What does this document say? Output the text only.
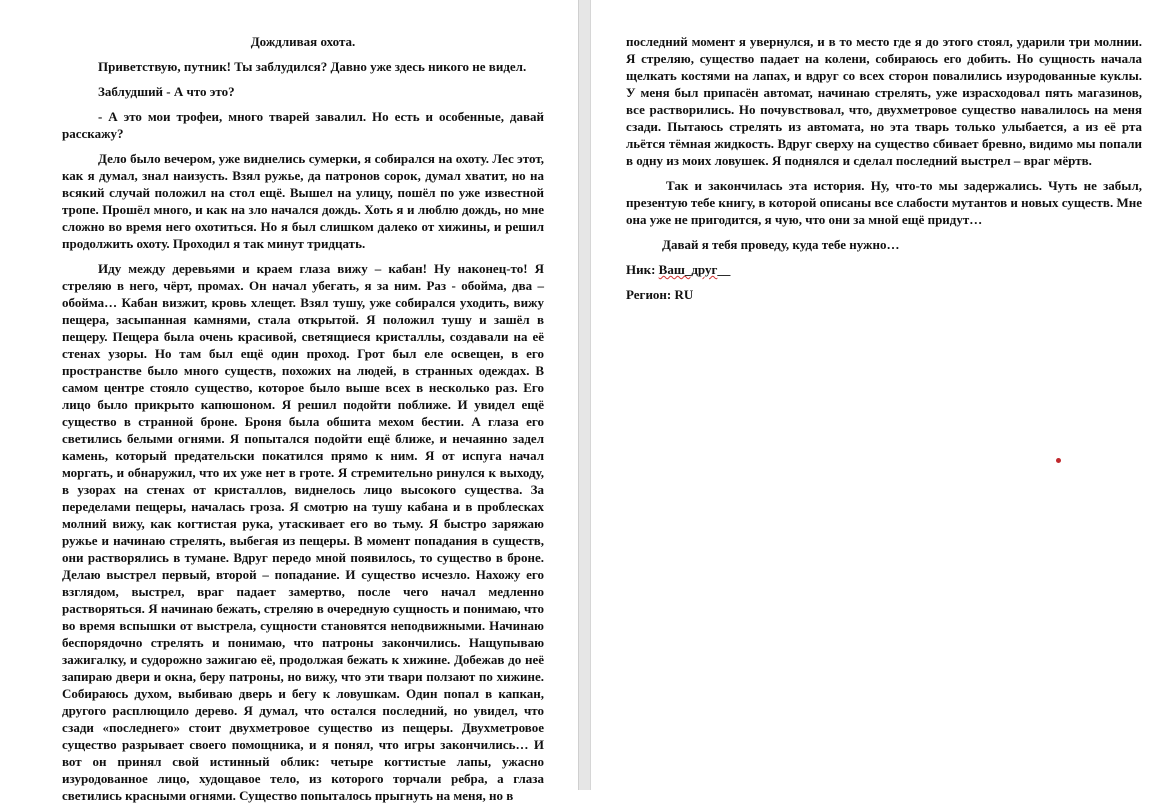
Дождливая охота.

Приветствую, путник! Ты заблудился? Давно уже здесь никого не видел.

Заблудший - А что это?

- А это мои трофеи, много тварей завалил. Но есть и особенные, давай расскажу?

Дело было вечером, уже виднелись сумерки, я собирался на охоту. Лес этот, как я думал, знал наизусть. Взял ружье, да патронов сорок, думал хватит, но на всякий случай положил на стол ещё. Вышел на улицу, пошёл по уже известной тропе. Прошёл много, и как на зло начался дождь. Хоть я и люблю дождь, но мне сложно во время него охотиться. Но я был слишком далеко от хижины, и решил продолжить охоту. Проходил я так минут тридцать.

Иду между деревьями и краем глаза вижу – кабан! Ну наконец-то! Я стреляю в него, чёрт, промах. Он начал убегать, я за ним. Раз - обойма, два – обойма… Кабан визжит, кровь хлещет. Взял тушу, уже собирался уходить, вижу пещера, засыпанная камнями, стала открытой. Я положил тушу и зашёл в пещеру. Пещера была очень красивой, светящиеся кристаллы, создавали на её стенах узоры. Но там был ещё один проход. Грот был еле освещен, в его пространстве было много существ, похожих на людей, в странных одеждах. В самом центре стояло существо, которое было выше всех в несколько раз. Его лицо было прикрыто капюшоном. Я решил подойти поближе. И увидел ещё существо в странной броне. Броня была обшита мехом бестии. А глаза его светились белыми огнями. Я попытался подойти ещё ближе, и нечаянно задел камень, который предательски покатился прямо к ним. Я от испуга начал моргать, и обнаружил, что их уже нет в гроте. Я стремительно ринулся к выходу, в узорах на стенах от кристаллов, виднелось лицо высокого существа. За переделами пещеры, началась гроза. Я смотрю на тушу кабана и в проблесках молний вижу, как когтистая рука, утаскивает его во тьму. Я быстро заряжаю ружье и начинаю стрелять, выбегая из пещеры. В момент попадания в существ, они растворялись в тумане. Вдруг передо мной появилось, то существо в броне. Делаю выстрел первый, второй – попадание. И существо исчезло. Нахожу его взглядом, выстрел, враг падает замертво, после чего начал медленно растворяться. Я начинаю бежать, стреляю в очередную сущность и понимаю, что во время вспышки от выстрела, сущности становятся неподвижными. Начинаю беспорядочно стрелять и понимаю, что патроны закончились. Нащупываю зажигалку, и судорожно зажигаю её, продолжая бежать к хижине. Добежав до неё запираю двери и окна, беру патроны, но вижу, что эти твари ползают по хижине. Собираюсь духом, выбиваю дверь и бегу к ловушкам. Один попал в капкан, другого расплющило дерево. Я думал, что остался последний, но увидел, что сзади «последнего» стоит двухметровое существо из пещеры. Двухметровое существо разрывает своего помощника, и я понял, что игры закончились… И вот он принял свой истинный облик: четыре когтистые лапы, ужасно изуродованное лицо, худощавое тело, из которого торчали ребра, а глаза светились красными огнями. Существо попыталось прыгнуть на меня, но в

последний момент я увернулся, и в то место где я до этого стоял, ударили три молнии. Я стреляю, существо падает на колени, собираюсь его добить. Но сущность начала щелкать костями на лапах, и вдруг со всех сторон повалились изуродованные куклы. У меня был припасён автомат, начинаю стрелять, уже израсходовал пять магазинов, все растворились. Но почувствовал, что, двухметровое существо навалилось на меня сзади. Пытаюсь стрелять из автомата, но эта тварь только улыбается, а из её рта льётся тёмная жидкость. Вдруг сверху на существо сбивает бревно, видимо мы попали в одну из моих ловушек. Я поднялся и сделал последний выстрел – враг мёртв.

Так и закончилась эта история. Ну, что-то мы задержались. Чуть не забыл, презентую тебе книгу, в которой описаны все слабости мутантов и новых существ. Мне она уже не пригодится, я чую, что они за мной ещё придут…

Давай я тебя проведу, куда тебе нужно…

Ник: Ваш_друг__

Регион: RU
